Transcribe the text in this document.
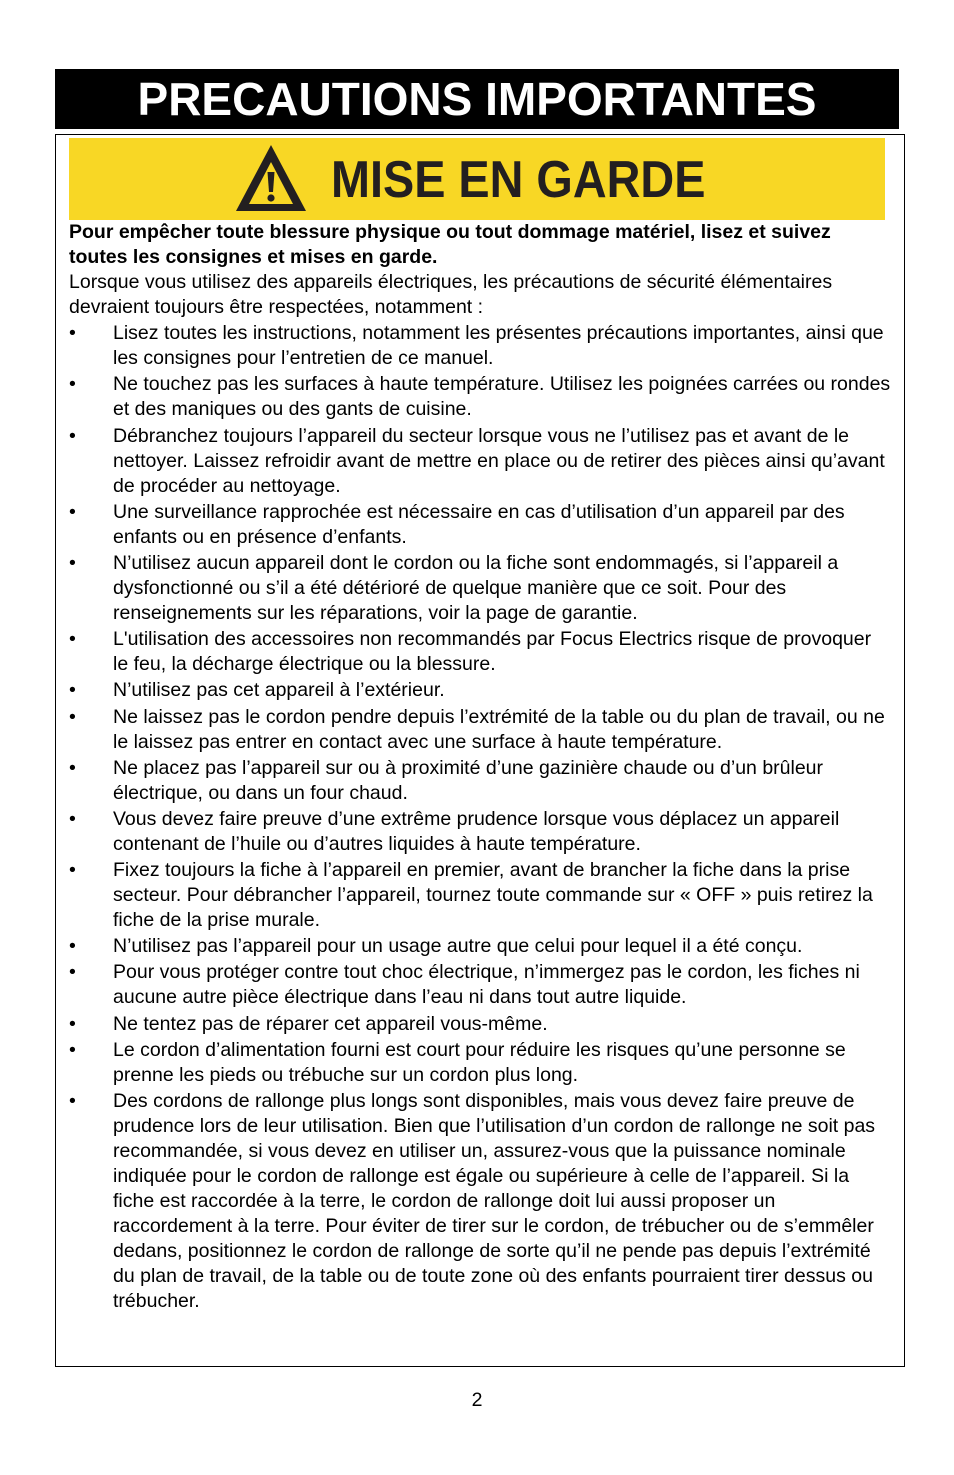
PRECAUTIONS IMPORTANTES
MISE EN GARDE

Pour empêcher toute blessure physique ou tout dommage matériel, lisez et suivez toutes les consignes et mises en garde.

Lorsque vous utilisez des appareils électriques, les précautions de sécurité élémentaires devraient toujours être respectées, notamment :

• Lisez toutes les instructions, notamment les présentes précautions importantes, ainsi que les consignes pour l’entretien de ce manuel.
• Ne touchez pas les surfaces à haute température. Utilisez les poignées carrées ou rondes et des maniques ou des gants de cuisine.
• Débranchez toujours l’appareil du secteur lorsque vous ne l’utilisez pas et avant de le nettoyer. Laissez refroidir avant de mettre en place ou de retirer des pièces ainsi qu’avant de procéder au nettoyage.
• Une surveillance rapprochée est nécessaire en cas d’utilisation d’un appareil par des enfants ou en présence d’enfants.
• N’utilisez aucun appareil dont le cordon ou la fiche sont endommagés, si l’appareil a dysfonctionné ou s’il a été détérioré de quelque manière que ce soit. Pour des renseignements sur les réparations, voir la page de garantie.
• L'utilisation des accessoires non recommandés par Focus Electrics risque de provoquer le feu, la décharge électrique ou la blessure.
• N’utilisez pas cet appareil à l’extérieur.
• Ne laissez pas le cordon pendre depuis l’extrémité de la table ou du plan de travail, ou ne le laissez pas entrer en contact avec une surface à haute température.
• Ne placez pas l’appareil sur ou à proximité d’une gazinière chaude ou d’un brûleur électrique, ou dans un four chaud.
• Vous devez faire preuve d’une extrême prudence lorsque vous déplacez un appareil contenant de l’huile ou d’autres liquides à haute température.
• Fixez toujours la fiche à l’appareil en premier, avant de brancher la fiche dans la prise secteur. Pour débrancher l’appareil, tournez toute commande sur « OFF » puis retirez la fiche de la prise murale.
• N’utilisez pas l’appareil pour un usage autre que celui pour lequel il a été conçu.
• Pour vous protéger contre tout choc électrique, n’immergez pas le cordon, les fiches ni aucune autre pièce électrique dans l’eau ni dans tout autre liquide.
• Ne tentez pas de réparer cet appareil vous-même.
• Le cordon d’alimentation fourni est court pour réduire les risques qu’une personne se prenne les pieds ou trébuche sur un cordon plus long.
• Des cordons de rallonge plus longs sont disponibles, mais vous devez faire preuve de prudence lors de leur utilisation. Bien que l’utilisation d’un cordon de rallonge ne soit pas recommandée, si vous devez en utiliser un, assurez-vous que la puissance nominale indiquée pour le cordon de rallonge est égale ou supérieure à celle de l’appareil. Si la fiche est raccordée à la terre, le cordon de rallonge doit lui aussi proposer un raccordement à la terre. Pour éviter de tirer sur le cordon, de trébucher ou de s’emmêler dedans, positionnez le cordon de rallonge de sorte qu’il ne pende pas depuis l’extrémité du plan de travail, de la table ou de toute zone où des enfants pourraient tirer dessus ou trébucher.
2
